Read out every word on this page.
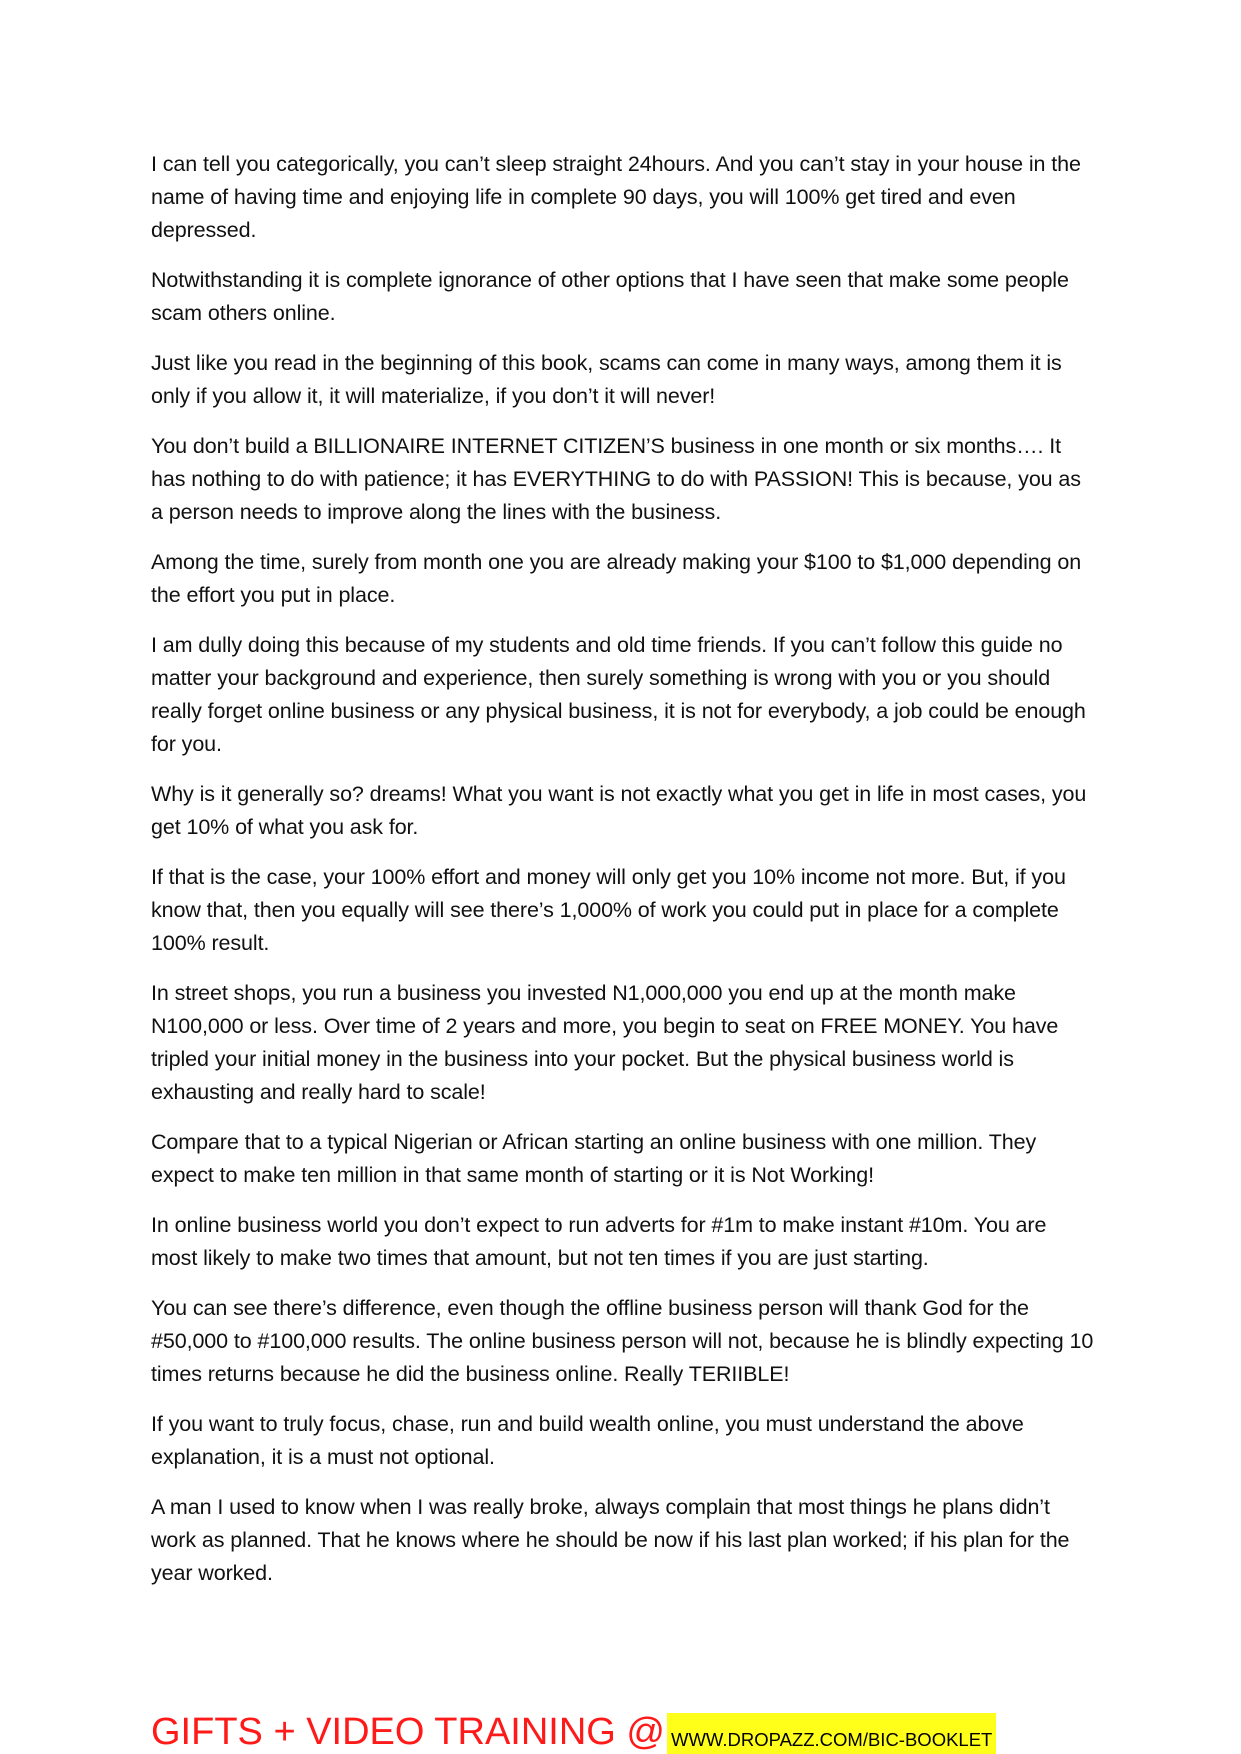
I can tell you categorically, you can’t sleep straight 24hours. And you can’t stay in your house in the name of having time and enjoying life in complete 90 days, you will 100% get tired and even depressed.

Notwithstanding it is complete ignorance of other options that I have seen that make some people scam others online.

Just like you read in the beginning of this book, scams can come in many ways, among them it is only if you allow it, it will materialize, if you don’t it will never!

You don’t build a BILLIONAIRE INTERNET CITIZEN’S business in one month or six months…. It has nothing to do with patience; it has EVERYTHING to do with PASSION! This is because, you as a person needs to improve along the lines with the business.

Among the time, surely from month one you are already making your $100 to $1,000 depending on the effort you put in place.

I am dully doing this because of my students and old time friends. If you can’t follow this guide no matter your background and experience, then surely something is wrong with you or you should really forget online business or any physical business, it is not for everybody, a job could be enough for you.

Why is it generally so? dreams! What you want is not exactly what you get in life in most cases, you get 10% of what you ask for.

If that is the case, your 100% effort and money will only get you 10% income not more. But, if you know that, then you equally will see there’s 1,000% of work you could put in place for a complete 100% result.

In street shops, you run a business you invested N1,000,000 you end up at the month make N100,000 or less. Over time of 2 years and more, you begin to seat on FREE MONEY. You have tripled your initial money in the business into your pocket. But the physical business world is exhausting and really hard to scale!

Compare that to a typical Nigerian or African starting an online business with one million. They expect to make ten million in that same month of starting or it is Not Working!

In online business world you don’t expect to run adverts for #1m to make instant #10m. You are most likely to make two times that amount, but not ten times if you are just starting.

You can see there’s difference, even though the offline business person will thank God for the #50,000 to #100,000 results. The online business person will not, because he is blindly expecting 10 times returns because he did the business online. Really TERIIBLE!

If you want to truly focus, chase, run and build wealth online, you must understand the above explanation, it is a must not optional.

A man I used to know when I was really broke, always complain that most things he plans didn’t work as planned. That he knows where he should be now if his last plan worked; if his plan for the year worked.

GIFTS + VIDEO TRAINING @ WWW.DROPAZZ.COM/BIC-BOOKLET
